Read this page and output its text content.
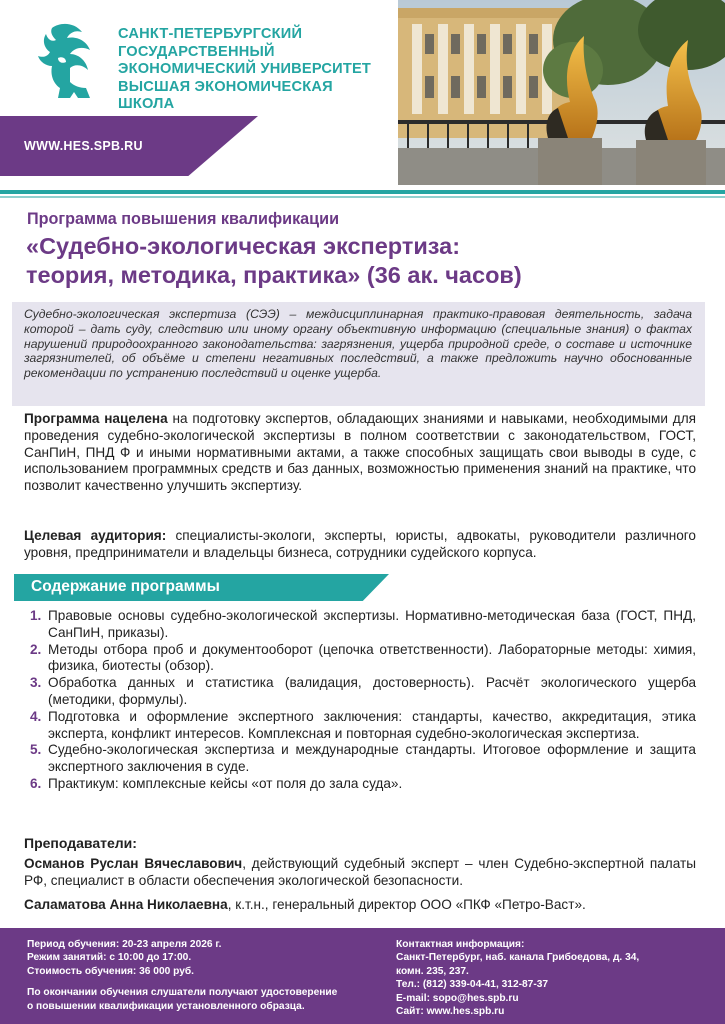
САНКТ-ПЕТЕРБУРГСКИЙ
ГОСУДАРСТВЕННЫЙ
ЭКОНОМИЧЕСКИЙ УНИВЕРСИТЕТ
ВЫСШАЯ ЭКОНОМИЧЕСКАЯ ШКОЛА
WWW.HES.SPB.RU
Программа повышения квалификации
«Судебно-экологическая экспертиза:
теория, методика, практика» (36 ак. часов)

Судебно-экологическая экспертиза (СЭЭ) – междисциплинарная практико-правовая деятельность, задача которой – дать суду, следствию или иному органу объективную информацию (специальные знания) о фактах нарушений природоохранного законодательства: загрязнения, ущерба природной среде, о составе и источнике загрязнителей, об объёме и степени негативных последствий, а также предложить научно обоснованные рекомендации по устранению последствий и оценке ущерба.

Программа нацелена на подготовку экспертов, обладающих знаниями и навыками, необходимыми для проведения судебно-экологической экспертизы в полном соответствии с законодательством, ГОСТ, СанПиН, ПНД Ф и иными нормативными актами, а также способных защищать свои выводы в суде, с использованием программных средств и баз данных, возможностью применения знаний на практике, что позволит качественно улучшить экспертизу.
Целевая аудитория: специалисты-экологи, эксперты, юристы, адвокаты, руководители различного уровня, предприниматели и владельцы бизнеса, сотрудники судейского корпуса.
Содержание программы
1. Правовые основы судебно-экологической экспертизы. Нормативно-методическая база (ГОСТ, ПНД, СанПиН, приказы).
2. Методы отбора проб и документооборот (цепочка ответственности). Лабораторные методы: химия, физика, биотесты (обзор).
3. Обработка данных и статистика (валидация, достоверность). Расчёт экологического ущерба (методики, формулы).
4. Подготовка и оформление экспертного заключения: стандарты, качество, аккредитация, этика эксперта, конфликт интересов. Комплексная и повторная судебно-экологическая экспертиза.
5. Судебно-экологическая экспертиза и международные стандарты. Итоговое оформление и защита экспертного заключения в суде.
6. Практикум: комплексные кейсы «от поля до зала суда».
Преподаватели:
Османов Руслан Вячеславович, действующий судебный эксперт – член Судебно-экспертной палаты РФ, специалист в области обеспечения экологической безопасности.
Саламатова Анна Николаевна, к.т.н., генеральный директор ООО «ПКФ «Петро-Васт».
Период обучения: 20-23 апреля 2026 г.
Режим занятий: с 10:00 до 17:00.
Стоимость обучения: 36 000 руб.
По окончании обучения слушатели получают удостоверение
о повышении квалификации установленного образца.
Контактная информация:
Санкт-Петербург, наб. канала Грибоедова, д. 34,
комн. 235, 237.
Тел.: (812) 339-04-41, 312-87-37
E-mail: sopo@hes.spb.ru
Сайт: www.hes.spb.ru
